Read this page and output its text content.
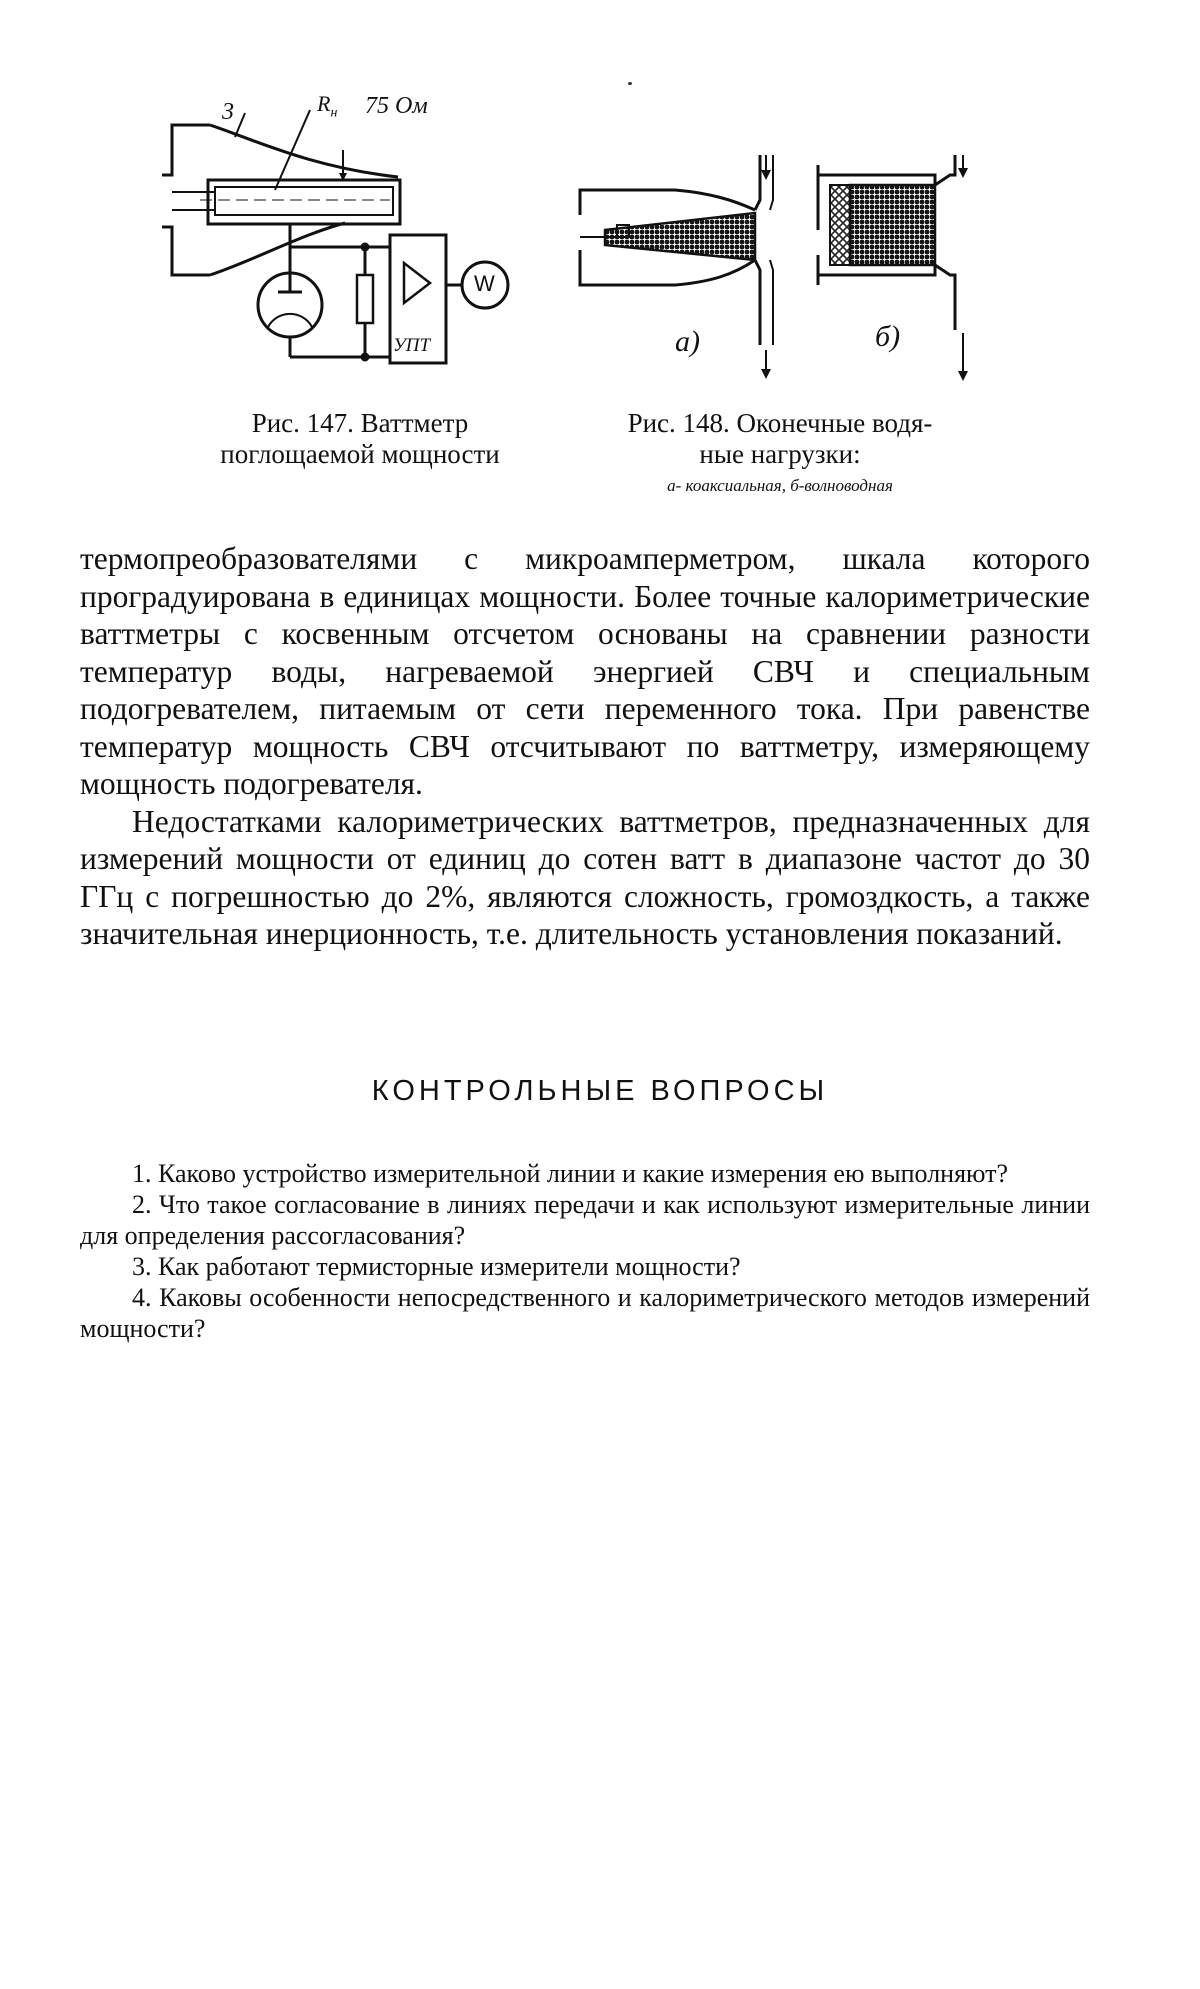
3	$R_н$ 75 Ом
УПТ
W
Рис. 147. Ваттметр
поглощаемой мощности
а)	б)
Рис. 148. Оконечные водя-
ные нагрузки:
а- коаксиальная, б-волноводная

термопреобразователями с микроамперметром, шкала которого проградуирована в единицах мощности. Более точные калориметрические ваттметры с косвенным отсчетом основаны на сравнении разности температур воды, нагреваемой энергией СВЧ и специальным подогревателем, питаемым от сети переменного тока. При равенстве температур мощность СВЧ отсчитывают по ваттметру, измеряющему мощность подогревателя.

Недостатками калориметрических ваттметров, предназначенных для измерений мощности от единиц до сотен ватт в диапазоне частот до 30 ГГц с погрешностью до 2%, являются сложность, громоздкость, а также значительная инерционность, т.е. длительность установления показаний.

КОНТРОЛЬНЫЕ ВОПРОСЫ

1. Каково устройство измерительной линии и какие измерения ею выполняют?

2. Что такое согласование в линиях передачи и как используют измерительные линии для определения рассогласования?

3. Как работают термисторные измерители мощности?

4. Каковы особенности непосредственного и калориметрического методов измерений мощности?
